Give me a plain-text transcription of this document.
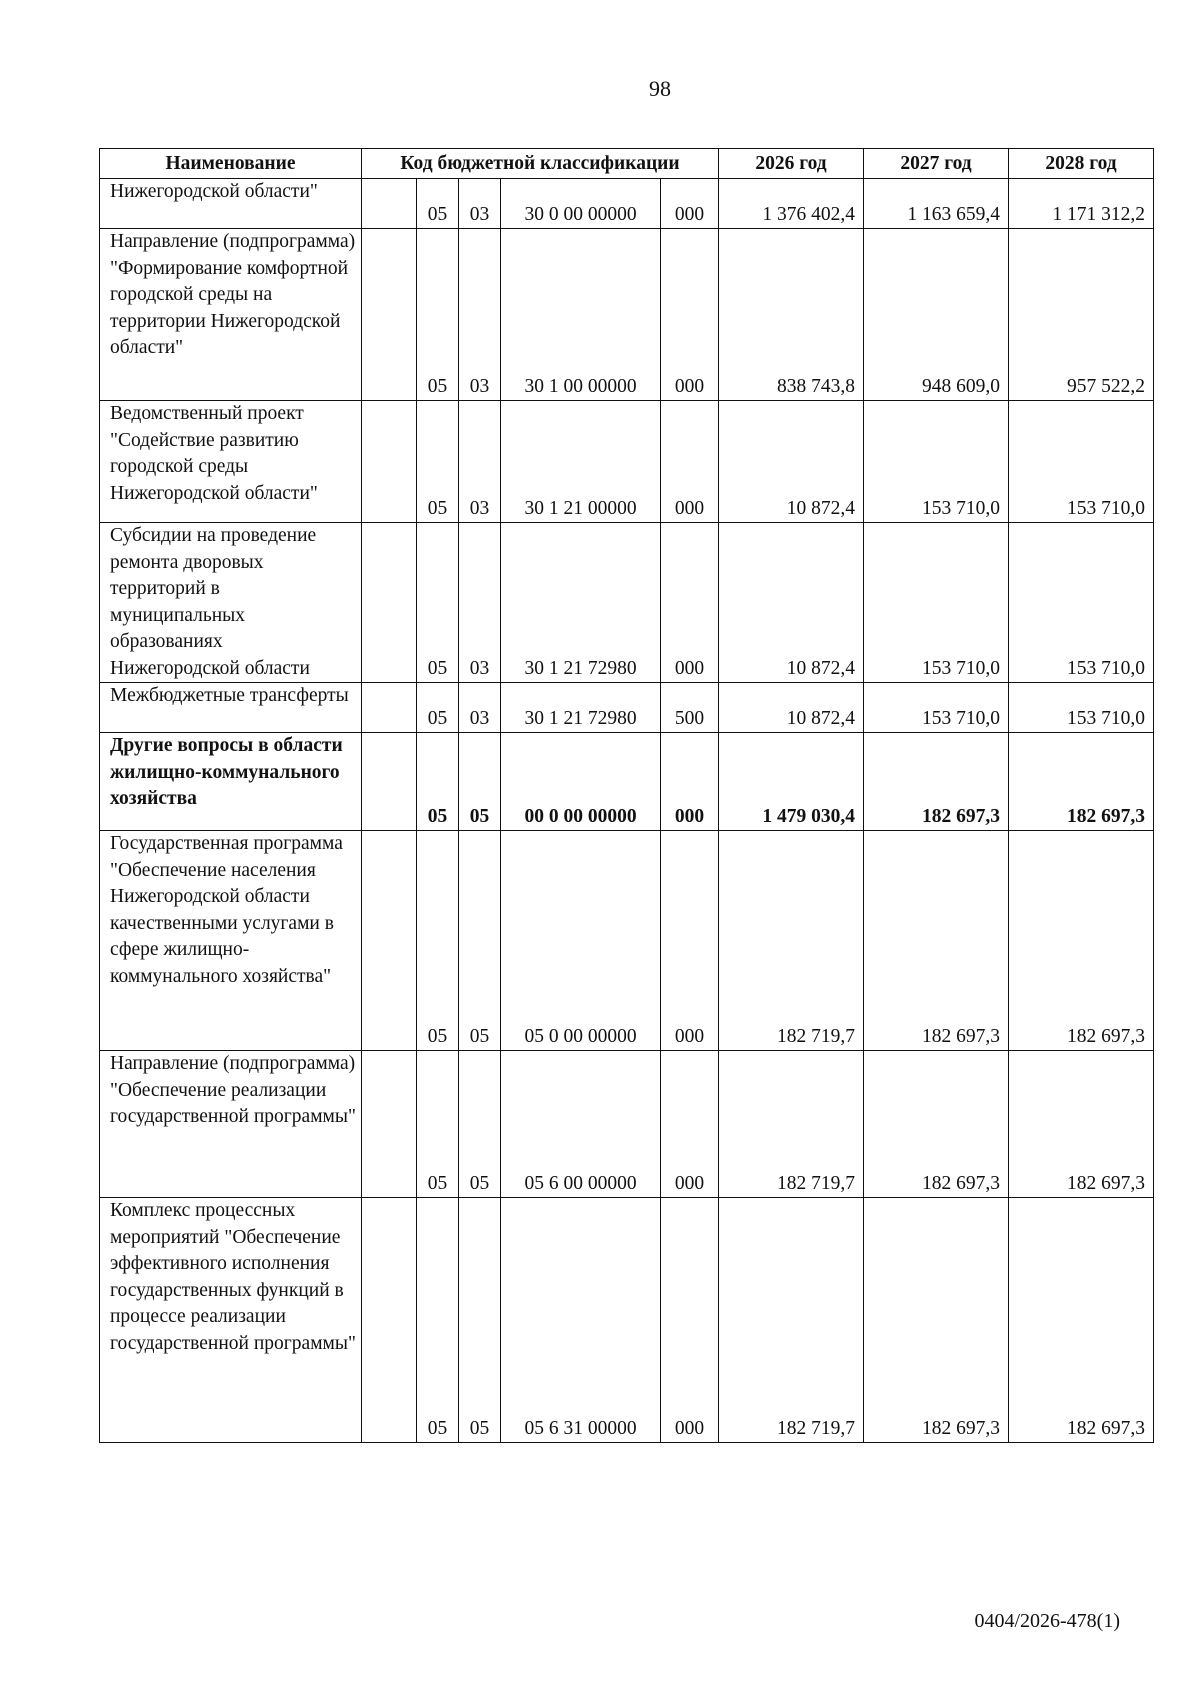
98
Наименование	Код бюджетной классификации					2026 год	2027 год	2028 год
Нижегородской области"		05	03	30 0 00 00000	000	1 376 402,4	1 163 659,4	1 171 312,2
Направление (подпрограмма) "Формирование комфортной городской среды на территории Нижегородской области"		05	03	30 1 00 00000	000	838 743,8	948 609,0	957 522,2
Ведомственный проект "Содействие развитию городской среды Нижегородской области"		05	03	30 1 21 00000	000	10 872,4	153 710,0	153 710,0
Субсидии на проведение ремонта дворовых территорий в муниципальных образованиях Нижегородской области		05	03	30 1 21 72980	000	10 872,4	153 710,0	153 710,0
Межбюджетные трансферты		05	03	30 1 21 72980	500	10 872,4	153 710,0	153 710,0
Другие вопросы в области жилищно-коммунального хозяйства		05	05	00 0 00 00000	000	1 479 030,4	182 697,3	182 697,3
Государственная программа "Обеспечение населения Нижегородской области качественными услугами в сфере жилищно-коммунального хозяйства"		05	05	05 0 00 00000	000	182 719,7	182 697,3	182 697,3
Направление (подпрограмма) "Обеспечение реализации государственной программы"		05	05	05 6 00 00000	000	182 719,7	182 697,3	182 697,3
Комплекс процессных мероприятий "Обеспечение эффективного исполнения государственных функций в процессе реализации государственной программы"		05	05	05 6 31 00000	000	182 719,7	182 697,3	182 697,3
0404/2026-478(1)
